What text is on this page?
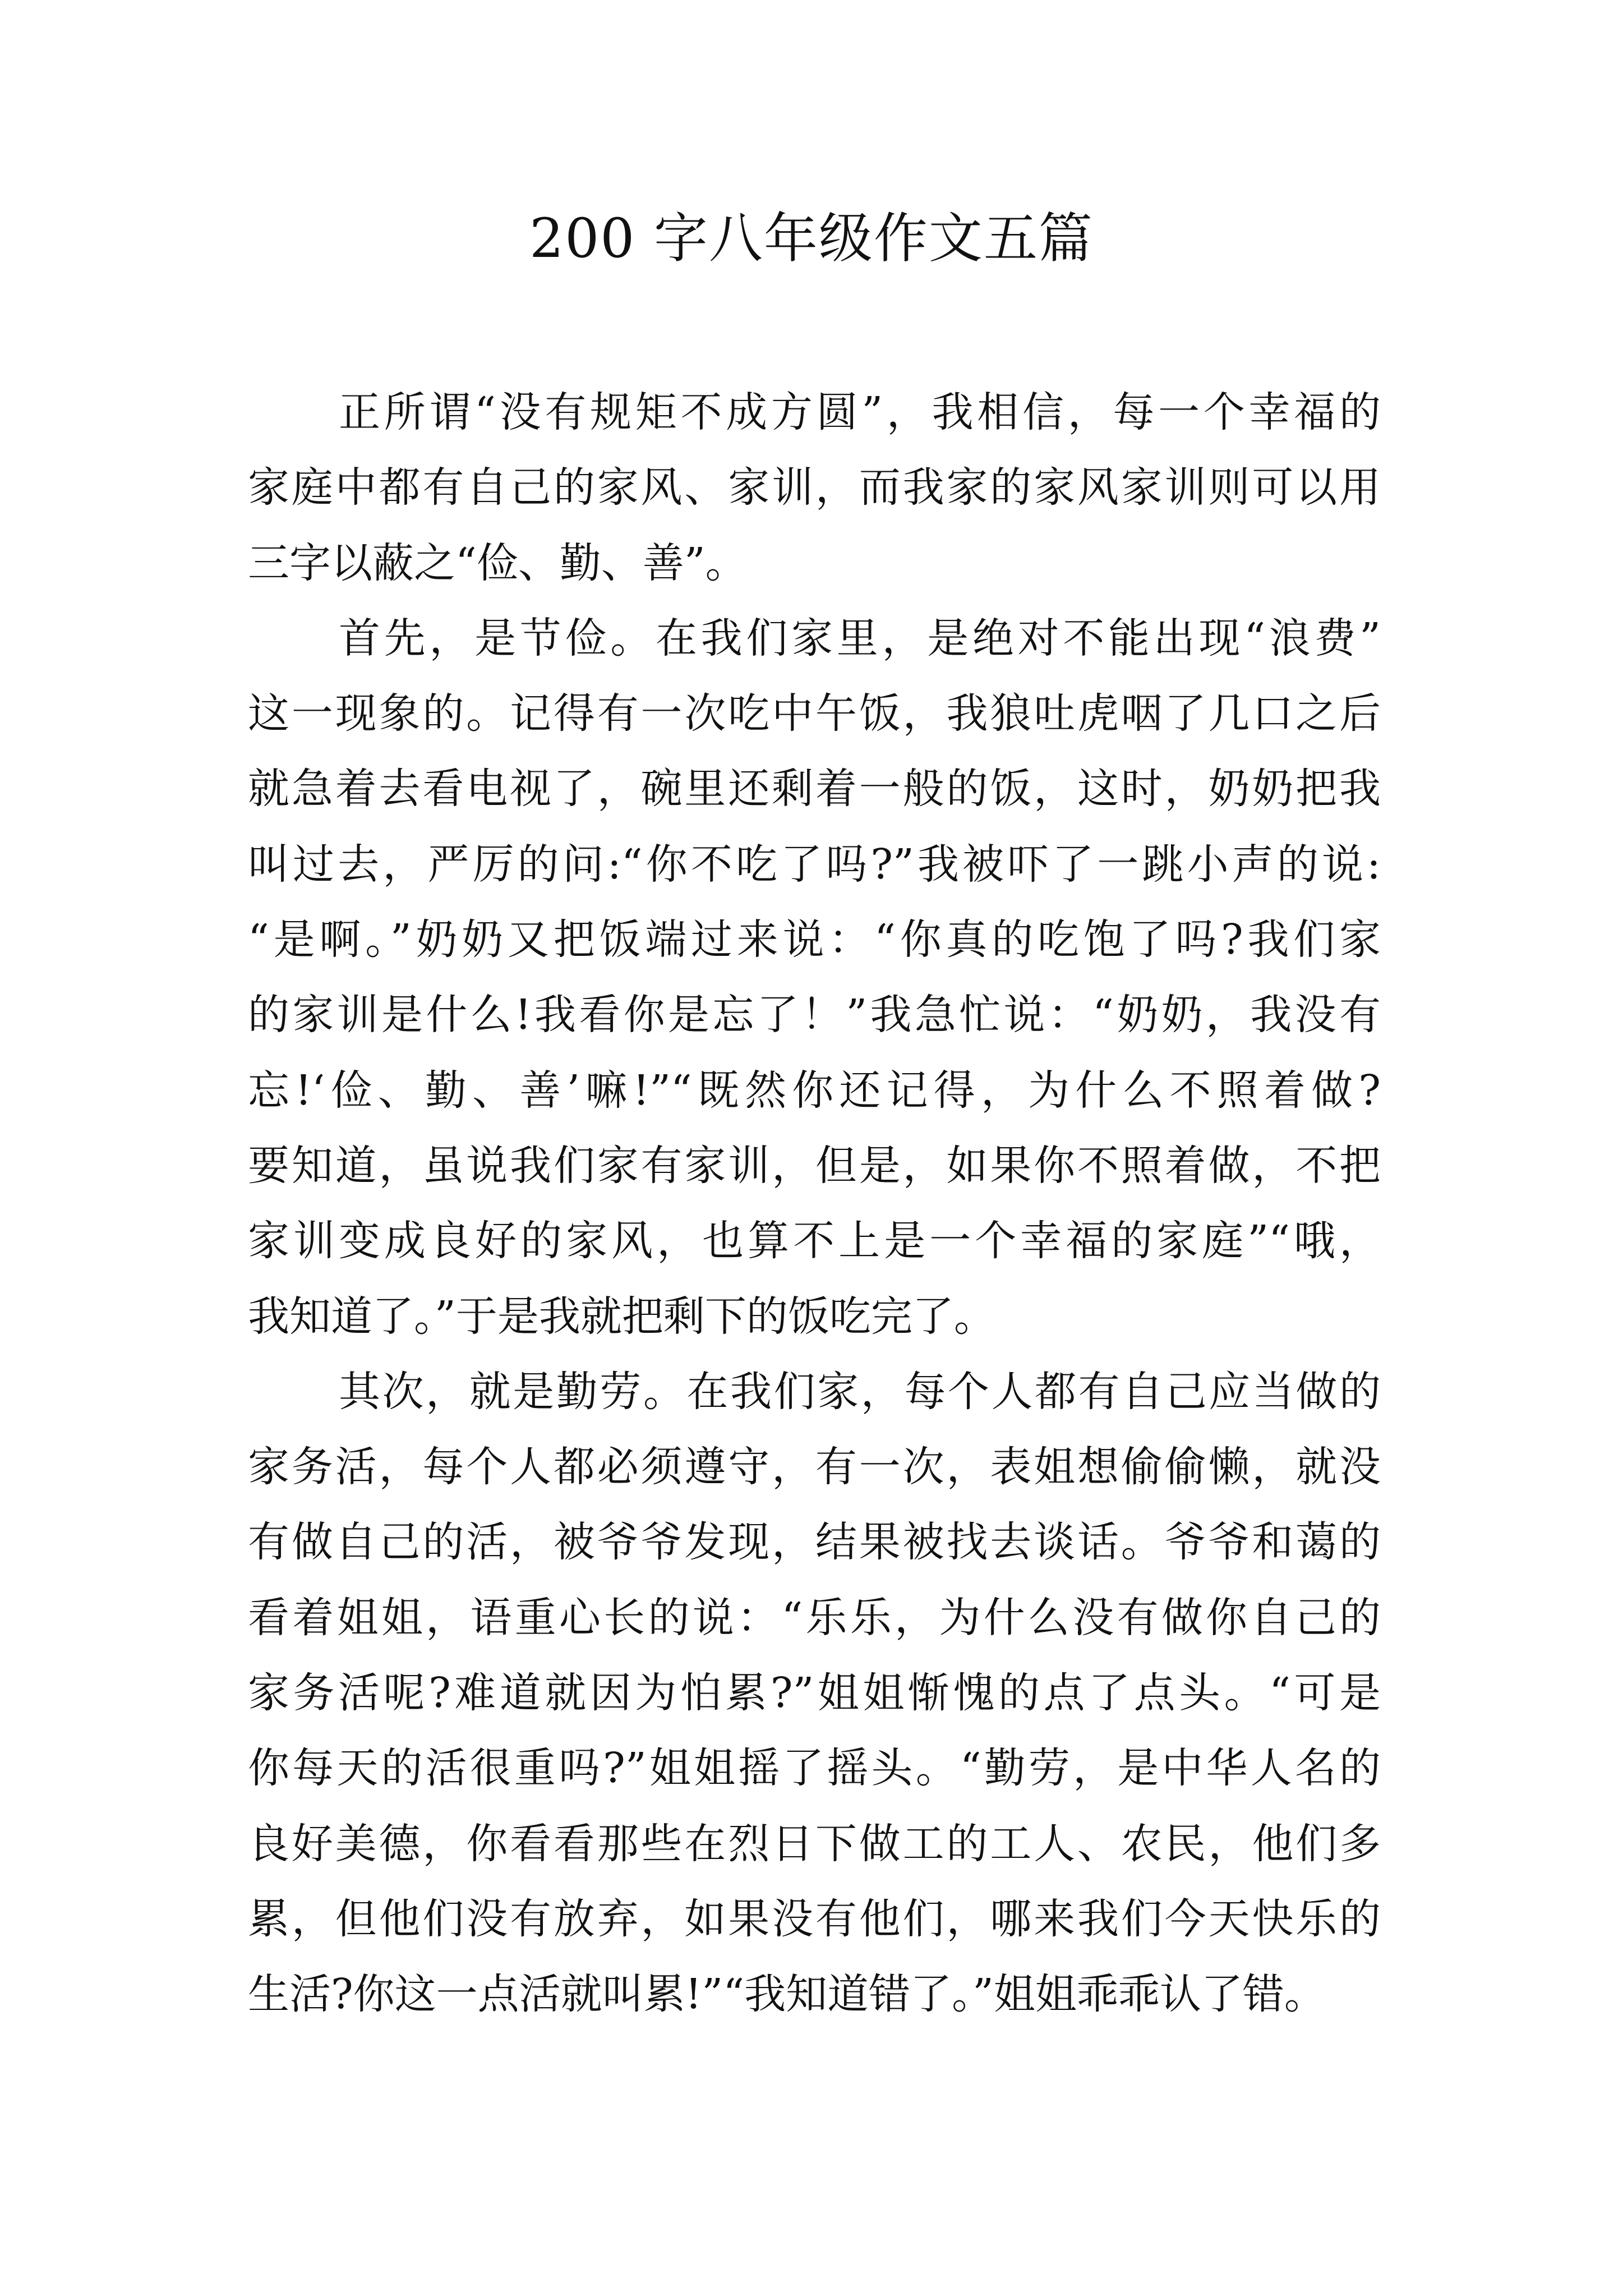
200 字八年级作文五篇
正所谓“没有规矩不成方圆”，我相信，每一个幸福的
家庭中都有自己的家风、家训，而我家的家风家训则可以用
三字以蔽之“俭、勤、善”。
首先，是节俭。在我们家里，是绝对不能出现“浪费”
这一现象的。记得有一次吃中午饭，我狼吐虎咽了几口之后
就急着去看电视了，碗里还剩着一般的饭，这时，奶奶把我
叫过去，严厉的问:“你不吃了吗?”我被吓了一跳小声的说:
“是啊。”奶奶又把饭端过来说：“你真的吃饱了吗?我们家
的家训是什么!我看你是忘了！”我急忙说：“奶奶，我没有
忘!‘俭、勤、善’嘛!”“既然你还记得，为什么不照着做?
要知道，虽说我们家有家训，但是，如果你不照着做，不把
家训变成良好的家风，也算不上是一个幸福的家庭”“哦，
我知道了。”于是我就把剩下的饭吃完了。
其次，就是勤劳。在我们家，每个人都有自己应当做的
家务活，每个人都必须遵守，有一次，表姐想偷偷懒，就没
有做自己的活，被爷爷发现，结果被找去谈话。爷爷和蔼的
看着姐姐，语重心长的说：“乐乐，为什么没有做你自己的
家务活呢?难道就因为怕累?”姐姐惭愧的点了点头。“可是
你每天的活很重吗?”姐姐摇了摇头。“勤劳，是中华人名的
良好美德，你看看那些在烈日下做工的工人、农民，他们多
累，但他们没有放弃，如果没有他们，哪来我们今天快乐的
生活?你这一点活就叫累!”“我知道错了。”姐姐乖乖认了错。
